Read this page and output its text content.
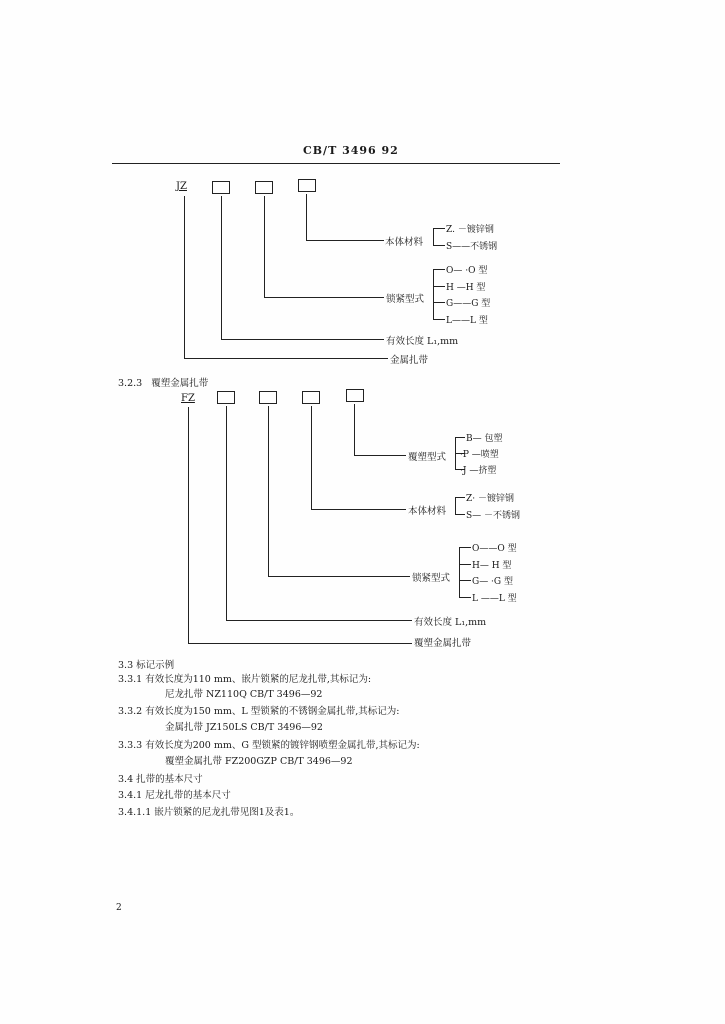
CB/T 3496 92
JZ
本体材料
Z. －镀锌钢
S——不锈钢
锁紧型式
O— ·O 型
H —H 型
G——G 型
L——L 型
有效长度 L₁,mm
金属扎带
3.2.3 覆塑金属扎带
FZ
覆塑型式
B— 包塑
·P —喷塑
·J —挤塑
本体材料
Z· －镀锌钢
S— －不锈钢
锁紧型式
O——O 型
H— H 型
G— ·G 型
L ——L 型
有效长度 L₁,mm
覆塑金属扎带
3.3 标记示例
3.3.1 有效长度为110 mm、嵌片锁紧的尼龙扎带,其标记为:
尼龙扎带 NZ110Q CB/T 3496—92
3.3.2 有效长度为150 mm、L 型锁紧的不锈钢金属扎带,其标记为:
金属扎带 JZ150LS CB/T 3496—92
3.3.3 有效长度为200 mm、G 型锁紧的镀锌钢喷塑金属扎带,其标记为:
覆塑金属扎带 FZ200GZP CB/T 3496—92
3.4 扎带的基本尺寸
3.4.1 尼龙扎带的基本尺寸
3.4.1.1 嵌片锁紧的尼龙扎带见图1及表1。
2
